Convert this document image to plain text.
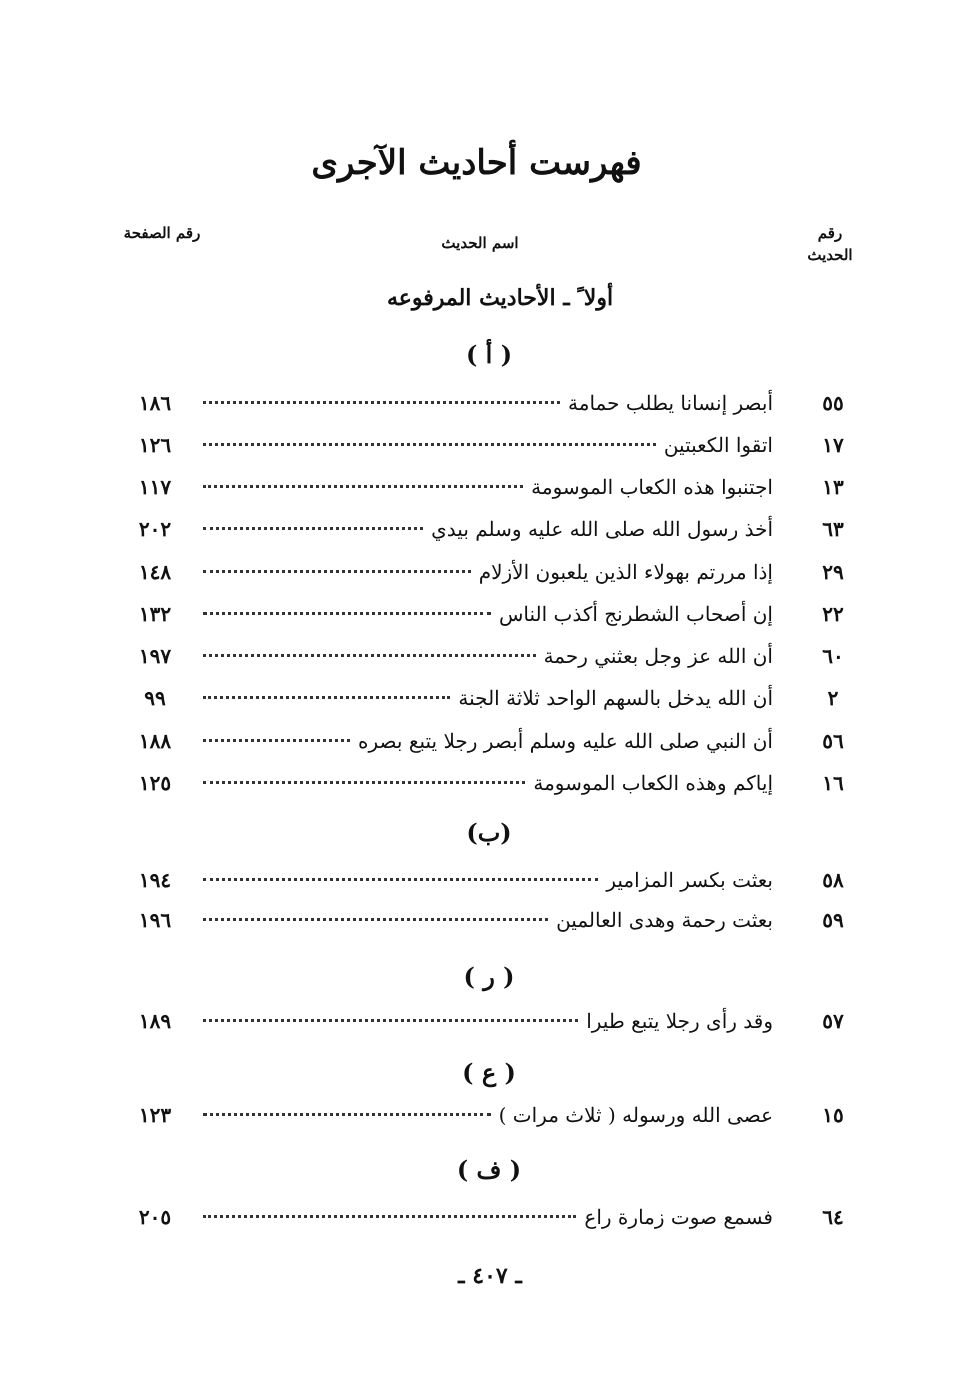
فهرست أحاديث الآجرى
رقم الحديث
اسم الحديث
رقم الصفحة
أولا ً ـ الأحاديث المرفوعه
( أ )
٥٥
أبصر إنسانا يطلب حمامة
١٨٦
١٧
اتقوا الكعبتين
١٢٦
١٣
اجتنبوا هذه الكعاب الموسومة
١١٧
٦٣
أخذ رسول الله صلى الله عليه وسلم بيدي
٢٠٢
٢٩
إذا مررتم بهولاء الذين يلعبون الأزلام
١٤٨
٢٢
إن أصحاب الشطرنج أكذب الناس
١٣٢
٦٠
أن الله عز وجل بعثني رحمة
١٩٧
٢
أن الله يدخل بالسهم الواحد ثلاثة الجنة
٩٩
٥٦
أن النبي صلى الله عليه وسلم أبصر رجلا يتبع بصره
١٨٨
١٦
إياكم وهذه الكعاب الموسومة
١٢٥
(ب)
٥٨
بعثت بكسر المزامير
١٩٤
٥٩
بعثت رحمة وهدى العالمين
١٩٦
( ر )
٥٧
وقد رأى رجلا يتبع طيرا
١٨٩
( ع )
١٥
عصى الله ورسوله ( ثلاث مرات )
١٢٣
( ف )
٦٤
فسمع صوت زمارة راع
٢٠٥
ـ ٤٠٧ ـ
